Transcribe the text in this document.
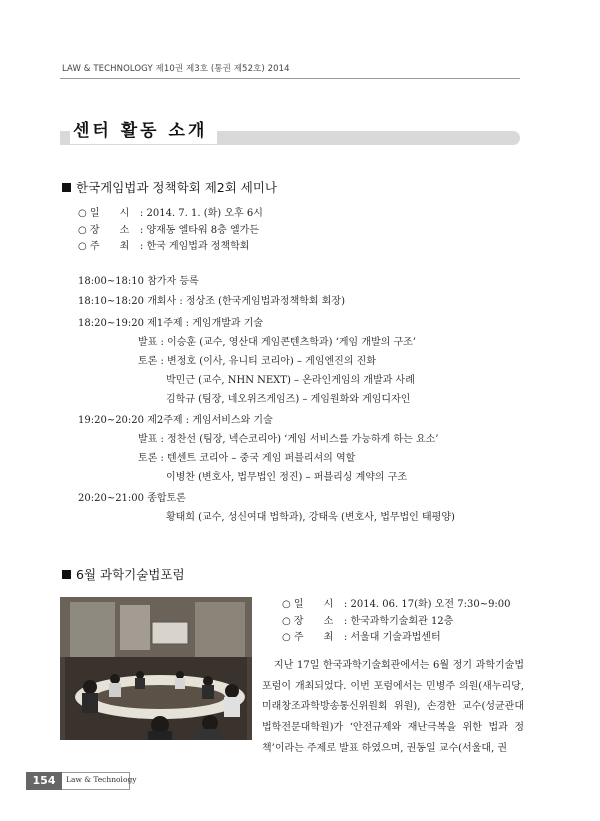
LAW & TECHNOLOGY 제10권 제3호 (통권 제52호) 2014
센터 활동 소개
한국게임법과 정책학회 제2회 세미나
○ 일　　시 : 2014. 7. 1. (화) 오후 6시
○ 장　　소 : 양재동 엘타워 8층 엘가든
○ 주　　최 : 한국 게임법과 정책학회
18:00~18:10 참가자 등록
18:10~18:20 개회사 : 정상조 (한국게임법과정책학회 회장)
18:20~19:20 제1주제 : 게임개발과 기술
발표 : 이승훈 (교수, 영산대 게임콘텐츠학과) ‘게임 개발의 구조’
토론 : 변정호 (이사, 유니티 코리아) – 게임엔진의 진화
박민근 (교수, NHN NEXT) – 온라인게임의 개발과 사례
김학규 (팀장, 네오위즈게임즈) – 게임원화와 게임디자인
19:20~20:20 제2주제 : 게임서비스와 기술
발표 : 정찬선 (팀장, 넥슨코리아) ‘게임 서비스를 가능하게 하는 요소’
토론 : 텐센트 코리아 – 중국 게임 퍼블리셔의 역할
이병찬 (변호사, 법무법인 정진) – 퍼블리싱 계약의 구조
20:20~21:00 종합토론
황태희 (교수, 성신여대 법학과), 강태욱 (변호사, 법무법인 태평양)
6월 과학기술법포럼
○ 일　　시 : 2014. 06. 17(화) 오전 7:30~9:00
○ 장　　소 : 한국과학기술회관 12층
○ 주　　최 : 서울대 기술과법센터
지난 17일 한국과학기술회관에서는 6월 정기 과학기술법포럼이 개최되었다. 이번 포럼에서는 민병주 의원(새누리당, 미래창조과학방송통신위원회 위원), 손경한 교수(성균관대 법학전문대학원)가 ‘안전규제와 재난극복을 위한 법과 정책’이라는 주제로 발표 하였으며, 권동일 교수(서울대, 권
154	Law & Technology
